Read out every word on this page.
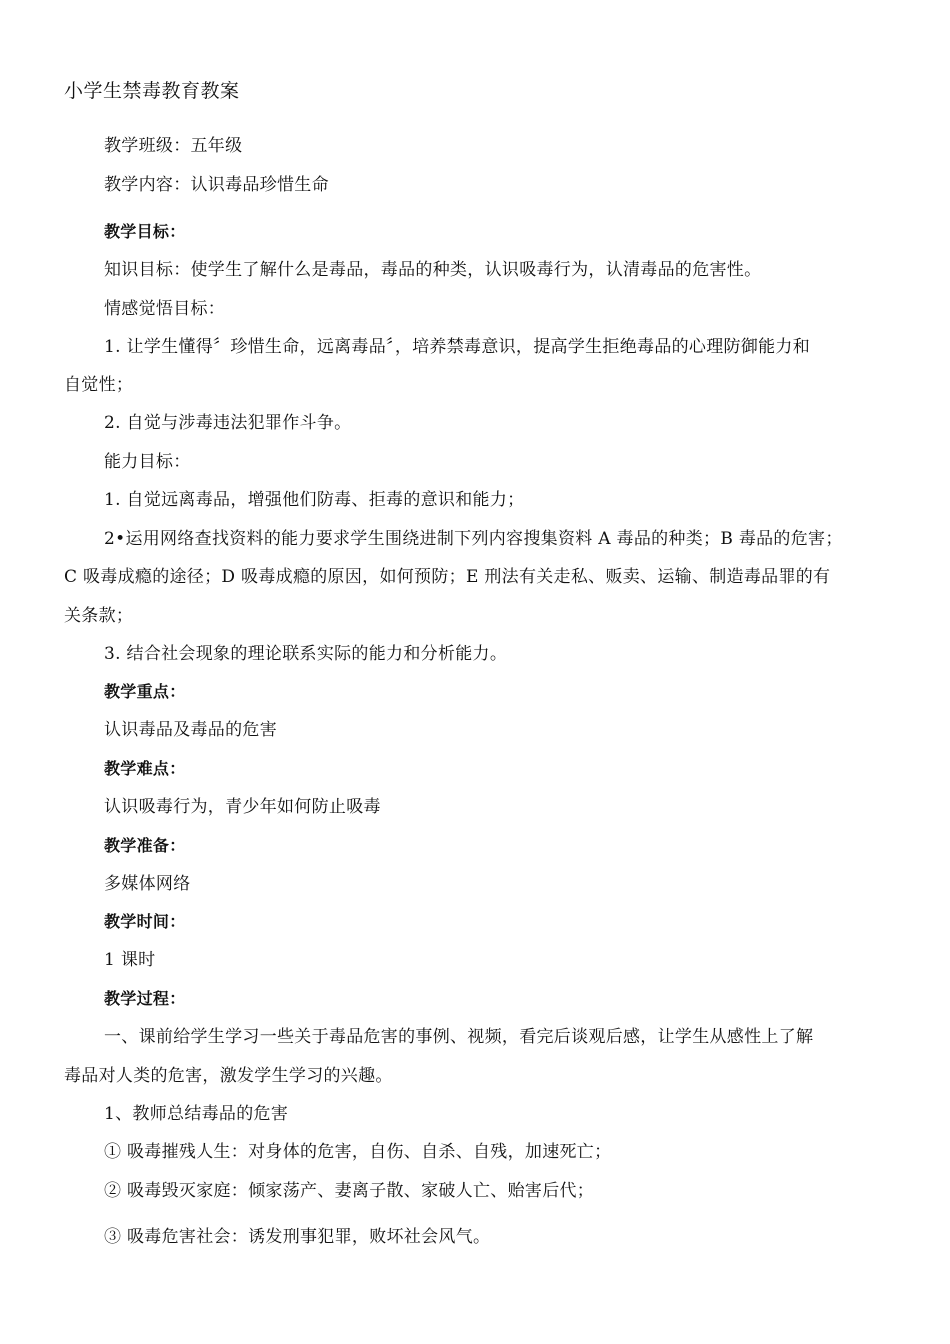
小学生禁毒教育教案
教学班级：五年级
教学内容：认识毒品珍惜生命
教学目标：
知识目标：使学生了解什么是毒品，毒品的种类，认识吸毒行为，认清毒品的危害性。
情感觉悟目标：
1. 让学生懂得〞珍惜生命，远离毒品〞，培养禁毒意识，提高学生拒绝毒品的心理防御能力和
自觉性；
2. 自觉与涉毒违法犯罪作斗争。
能力目标：
1. 自觉远离毒品，增强他们防毒、拒毒的意识和能力；
2•运用网络查找资料的能力要求学生围绕进制下列内容搜集资料 A 毒品的种类；B 毒品的危害；
C 吸毒成瘾的途径；D 吸毒成瘾的原因，如何预防；E 刑法有关走私、贩卖、运输、制造毒品罪的有
关条款；
3. 结合社会现象的理论联系实际的能力和分析能力。
教学重点：
认识毒品及毒品的危害
教学难点：
认识吸毒行为，青少年如何防止吸毒
教学准备：
多媒体网络
教学时间：
1 课时
教学过程：
一、课前给学生学习一些关于毒品危害的事例、视频，看完后谈观后感，让学生从感性上了解
毒品对人类的危害，激发学生学习的兴趣。
1、教师总结毒品的危害
① 吸毒摧残人生：对身体的危害，自伤、自杀、自残，加速死亡；
② 吸毒毁灭家庭：倾家荡产、妻离子散、家破人亡、贻害后代；
③ 吸毒危害社会：诱发刑事犯罪，败坏社会风气。
